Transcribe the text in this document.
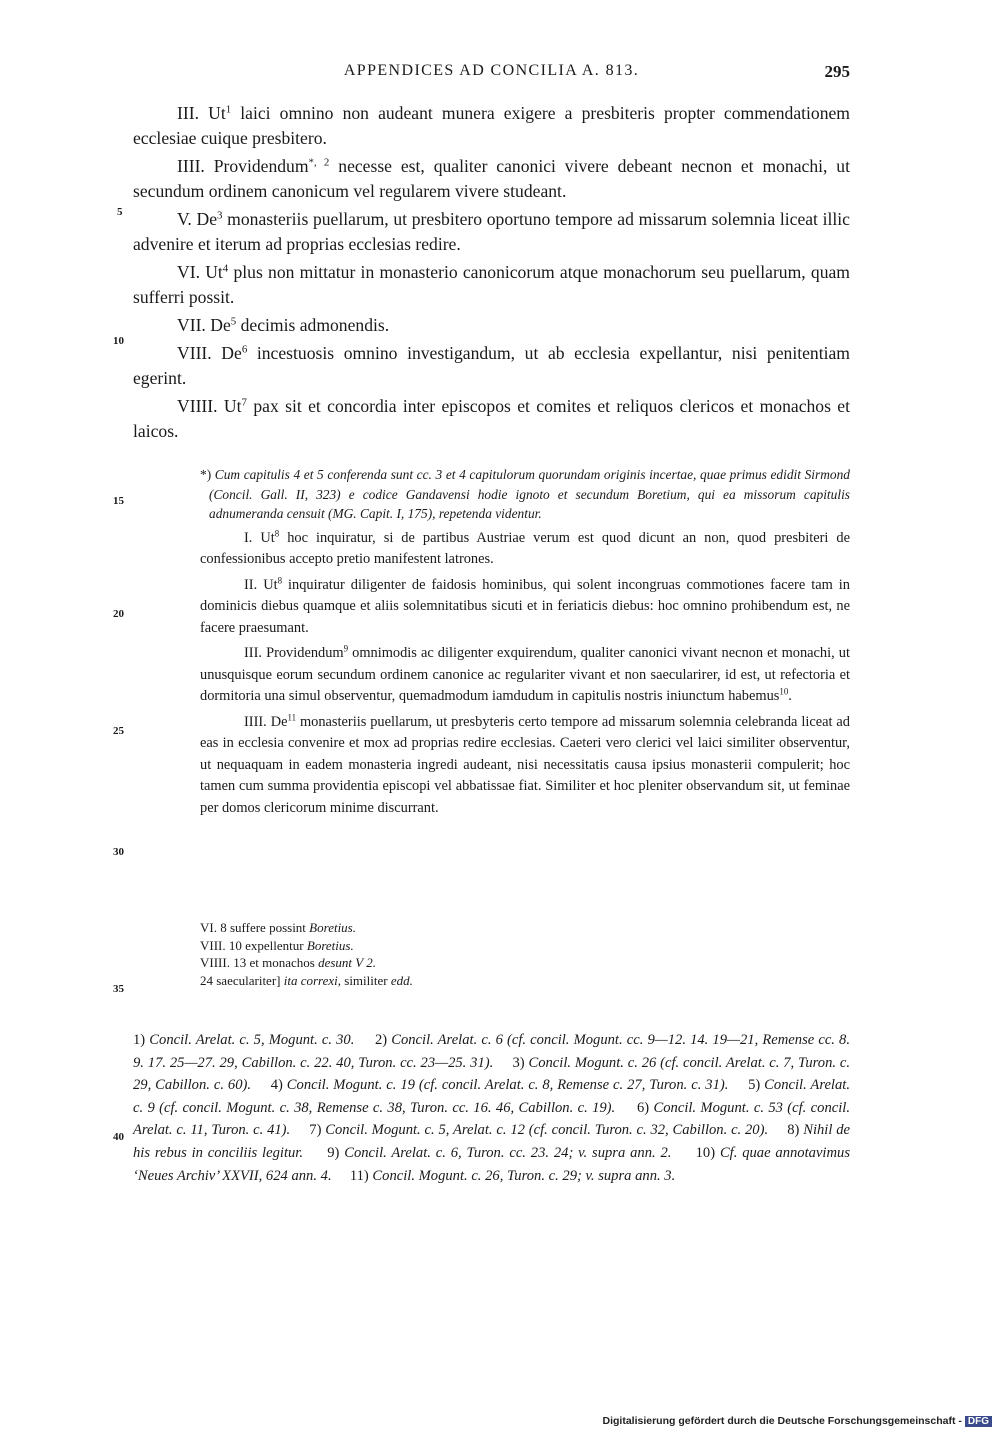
APPENDICES AD CONCILIA A. 813.	295

III. Ut$^1$ laici omnino non audeant munera exigere a presbiteris propter commendationem ecclesiae cuique presbitero.

IIII. Providendum$^{*, 2}$ necesse est, qualiter canonici vivere debeant necnon et monachi, ut secundum ordinem canonicum vel regularem vivere studeant.

V. De$^3$ monasteriis puellarum, ut presbitero oportuno tempore ad missarum solemnia liceat illic advenire et iterum ad proprias ecclesias redire.

VI. Ut$^4$ plus non mittatur in monasterio canonicorum atque monachorum seu puellarum, quam sufferri possit.

VII. De$^5$ decimis admonendis.

VIII. De$^6$ incestuosis omnino investigandum, ut ab ecclesia expellantur, nisi penitentiam egerint.

VIIII. Ut$^7$ pax sit et concordia inter episcopos et comites et reliquos clericos et monachos et laicos.

*) Cum capitulis 4 et 5 conferenda sunt cc. 3 et 4 capitulorum quorundam originis incertae, quae primus edidit Sirmond (Concil. Gall. II, 323) e codice Gandavensi hodie ignoto et secundum Boretium, qui ea missorum capitulis adnumeranda censuit (MG. Capit. I, 175), repetenda videntur.

I. Ut$^8$ hoc inquiratur, si de partibus Austriae verum est quod dicunt an non, quod presbiteri de confessionibus accepto pretio manifestent latrones.

II. Ut$^8$ inquiratur diligenter de faidosis hominibus, qui solent incongruas commotiones facere tam in dominicis diebus quamque et aliis solemnitatibus sicuti et in feriaticis diebus: hoc omnino prohibendum est, ne facere praesumant.

III. Providendum$^9$ omnimodis ac diligenter exquirendum, qualiter canonici vivant necnon et monachi, ut unusquisque eorum secundum ordinem canonice ac regulariter vivant et non saecularirer, id est, ut refectoria et dormitoria una simul observentur, quemadmodum iamdudum in capitulis nostris iniunctum habemus$^{10}$.

IIII. De$^{11}$ monasteriis puellarum, ut presbyteris certo tempore ad missarum solemnia celebranda liceat ad eas in ecclesia convenire et mox ad proprias redire ecclesias. Caeteri vero clerici vel laici similiter observentur, ut nequaquam in eadem monasteria ingredi audeant, nisi necessitatis causa ipsius monasterii compulerit; hoc tamen cum summa providentia episcopi vel abbatissae fiat. Similiter et hoc pleniter observandum sit, ut feminae per domos clericorum minime discurrant.

5
10
15
20
25
30
35
40
VI. 8 suffere possint Boretius.
VIII. 10 expellentur Boretius.
VIIII. 13 et monachos desunt V 2.
24 saeculariter] ita correxi, similiter edd.
1) Concil. Arelat. c. 5, Mogunt. c. 30. 2) Concil. Arelat. c. 6 (cf. concil. Mogunt. cc. 9—12. 14. 19—21, Remense cc. 8. 9. 17. 25—27. 29, Cabillon. c. 22. 40, Turon. cc. 23—25. 31). 3) Concil. Mogunt. c. 26 (cf. concil. Arelat. c. 7, Turon. c. 29, Cabillon. c. 60). 4) Concil. Mogunt. c. 19 (cf. concil. Arelat. c. 8, Remense c. 27, Turon. c. 31). 5) Concil. Arelat. c. 9 (cf. concil. Mogunt. c. 38, Remense c. 38, Turon. cc. 16. 46, Cabillon. c. 19). 6) Concil. Mogunt. c. 53 (cf. concil. Arelat. c. 11, Turon. c. 41). 7) Concil. Mogunt. c. 5, Arelat. c. 12 (cf. concil. Turon. c. 32, Cabillon. c. 20). 8) Nihil de his rebus in conciliis legitur. 9) Concil. Arelat. c. 6, Turon. cc. 23. 24; v. supra ann. 2. 10) Cf. quae annotavimus ‘Neues Archiv’ XXVII, 624 ann. 4. 11) Concil. Mogunt. c. 26, Turon. c. 29; v. supra ann. 3.
Digitalisierung gefördert durch die Deutsche Forschungsgemeinschaft - DFG
